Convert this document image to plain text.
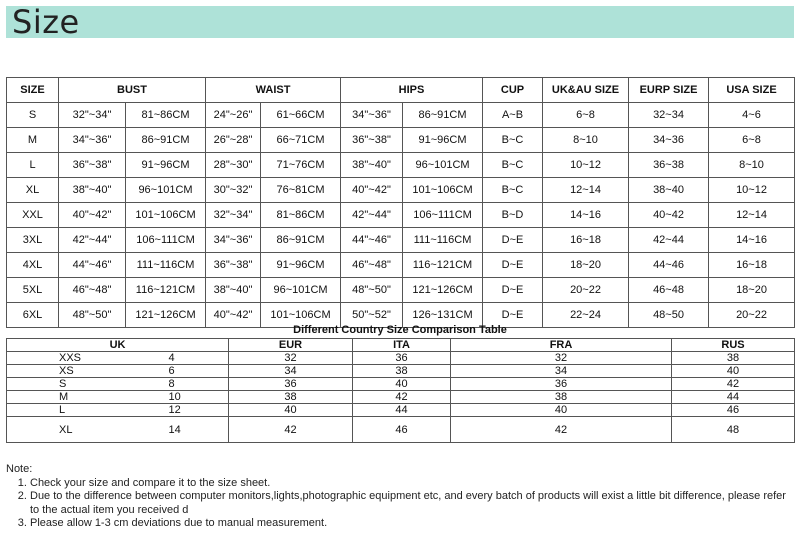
Size
SIZE	BUST		WAIST		HIPS		CUP	UK&AU SIZE	EURP SIZE	USA SIZE
S	32"~34"	81~86CM	24"~26"	61~66CM	34"~36"	86~91CM	A~B	6~8	32~34	4~6
M	34"~36"	86~91CM	26"~28"	66~71CM	36"~38"	91~96CM	B~C	8~10	34~36	6~8
L	36"~38"	91~96CM	28"~30"	71~76CM	38"~40"	96~101CM	B~C	10~12	36~38	8~10
XL	38"~40"	96~101CM	30"~32"	76~81CM	40"~42"	101~106CM	B~C	12~14	38~40	10~12
XXL	40"~42"	101~106CM	32"~34"	81~86CM	42"~44"	106~111CM	B~D	14~16	40~42	12~14
3XL	42"~44"	106~111CM	34"~36"	86~91CM	44"~46"	111~116CM	D~E	16~18	42~44	14~16
4XL	44"~46"	111~116CM	36"~38"	91~96CM	46"~48"	116~121CM	D~E	18~20	44~46	16~18
5XL	46"~48"	116~121CM	38"~40"	96~101CM	48"~50"	121~126CM	D~E	20~22	46~48	18~20
6XL	48"~50"	121~126CM	40"~42"	101~106CM	50"~52"	126~131CM	D~E	22~24	48~50	20~22
Different Country Size Comparison Table
UK		EUR	ITA	FRA	RUS	
XXS	4	32	36	32	38	
XS	6	34	38	34	40	
S	8	36	40	36	42	
M	10	38	42	38	44	
L	12	40	44	40	46	
XL	14	42	46	42	48	
Note:
1. Check your size and compare it to the size sheet.
2. Due to the difference between computer monitors,lights,photographic equipment etc, and every batch of products will exist a little bit difference, please refer to the actual item you received d
3. Please allow 1-3 cm deviations due to manual measurement.
